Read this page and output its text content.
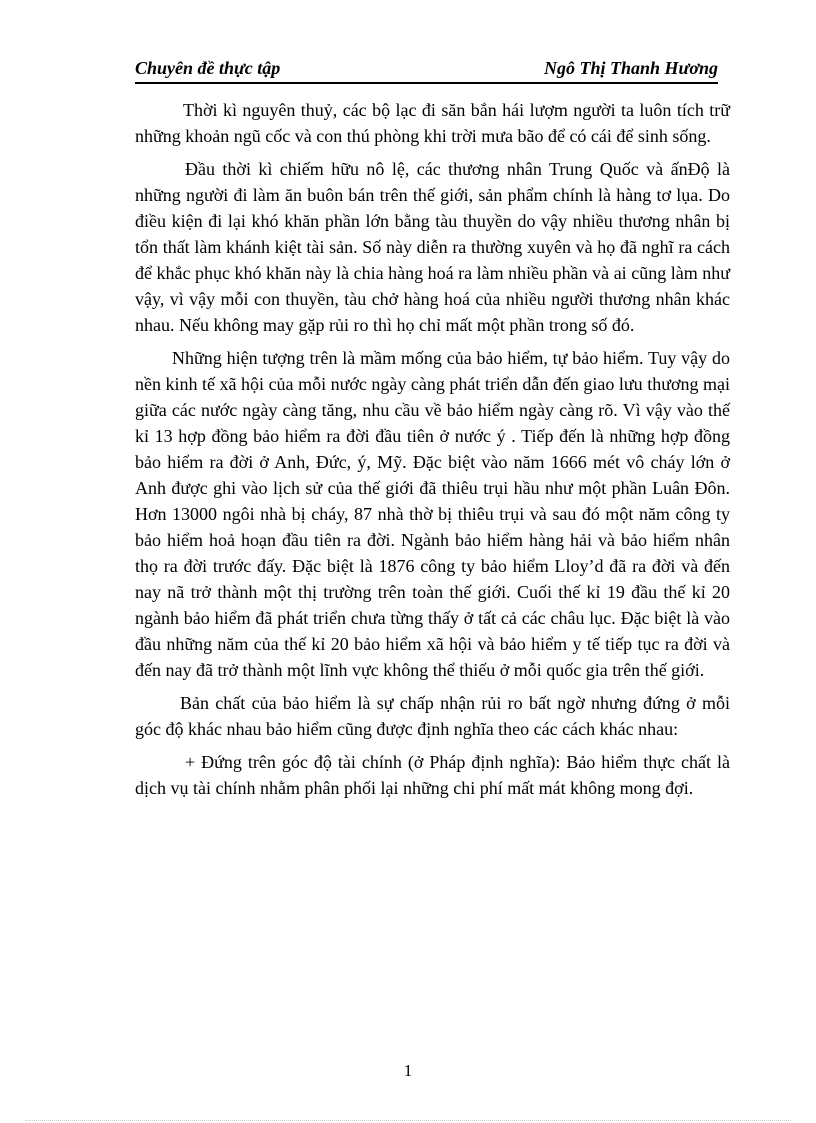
Chuyên đề thực tập	Ngô Thị Thanh Hương

Thời kì nguyên thuỷ, các bộ lạc đi săn bắn hái lượm người ta luôn tích trữ những khoản ngũ cốc và con thú phòng khi trời mưa bão để có cái để sinh sống.

Đầu thời kì chiếm hữu nô lệ, các thương nhân Trung Quốc và ấnĐộ là những người đi làm ăn buôn bán trên thế giới, sản phẩm chính là hàng tơ lụa. Do điều kiện đi lại khó khăn phần lớn bằng tàu thuyền do vậy nhiều thương nhân bị tổn thất làm khánh kiệt tài sản. Số này diễn ra thường xuyên và họ đã nghĩ ra cách để khắc phục khó khăn này là chia hàng hoá ra làm nhiều phần và ai cũng làm như vậy, vì vậy mỗi con thuyền, tàu chở hàng hoá của nhiều người thương nhân khác nhau. Nếu không may gặp rủi ro thì họ chỉ mất một phần trong số đó.

Những hiện tượng trên là mầm mống của bảo hiểm, tự bảo hiểm. Tuy vậy do nền kinh tế xã hội của mỗi nước ngày càng phát triển dẫn đến giao lưu thương mại giữa các nước ngày càng tăng, nhu cầu về bảo hiểm ngày càng rõ. Vì vậy vào thế kỉ 13 hợp đồng bảo hiểm ra đời đầu tiên ở nước ý . Tiếp đến là những hợp đồng bảo hiểm ra đời ở Anh, Đức, ý, Mỹ. Đặc biệt vào năm 1666 mét vô cháy lớn ở Anh được ghi vào lịch sử của thế giới đã thiêu trụi hầu như một phần Luân Đôn. Hơn 13000 ngôi nhà bị cháy, 87 nhà thờ bị thiêu trụi và sau đó một năm công ty bảo hiểm hoả hoạn đầu tiên ra đời. Ngành bảo hiểm hàng hải và bảo hiểm nhân thọ ra đời trước đấy. Đặc biệt là 1876 công ty bảo hiểm Lloy’d đã ra đời và đến nay nã trở thành một thị trường trên toàn thế giới. Cuối thế kỉ 19 đầu thế kỉ 20 ngành bảo hiểm đã phát triển chưa từng thấy ở tất cả các châu lục. Đặc biệt là vào đầu những năm của thế kỉ 20 bảo hiểm xã hội và bảo hiểm y tế tiếp tục ra đời và đến nay đã trở thành một lĩnh vực không thể thiếu ở mỗi quốc gia trên thế giới.

Bản chất của bảo hiểm là sự chấp nhận rủi ro bất ngờ nhưng đứng ở mỗi góc độ khác nhau bảo hiểm cũng được định nghĩa theo các cách khác nhau:

+ Đứng trên góc độ tài chính (ở Pháp định nghĩa): Bảo hiểm thực chất là dịch vụ tài chính nhằm phân phối lại những chi phí mất mát không mong đợi.

1
